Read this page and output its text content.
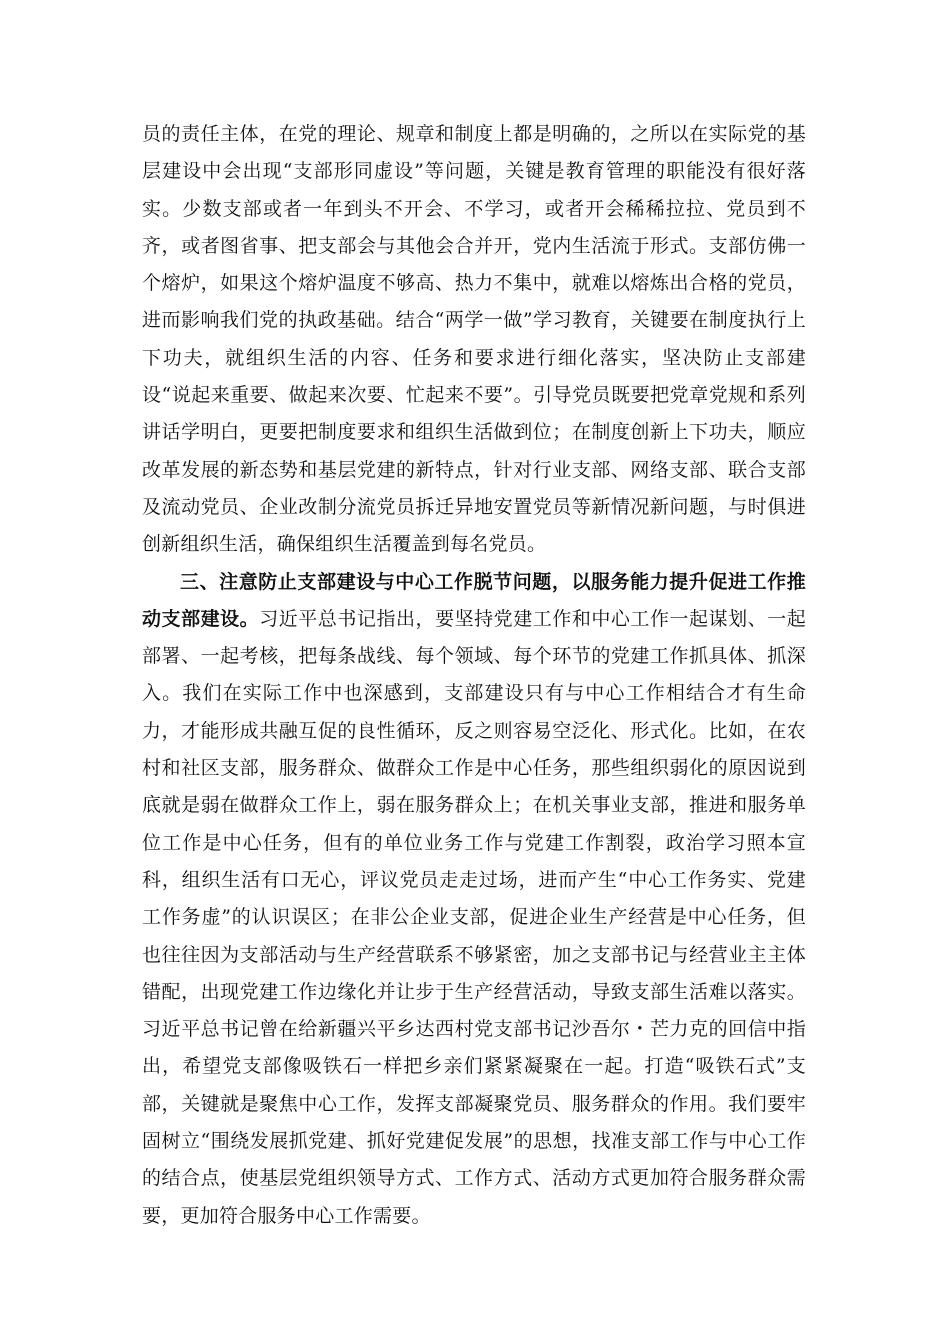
员的责任主体，在党的理论、规章和制度上都是明确的，之所以在实际党的基层建设中会出现“支部形同虚设”等问题，关键是教育管理的职能没有很好落实。少数支部或者一年到头不开会、不学习，或者开会稀稀拉拉、党员到不齐，或者图省事、把支部会与其他会合并开，党内生活流于形式。支部仿佛一个熔炉，如果这个熔炉温度不够高、热力不集中，就难以熔炼出合格的党员，进而影响我们党的执政基础。结合“两学一做”学习教育，关键要在制度执行上下功夫，就组织生活的内容、任务和要求进行细化落实，坚决防止支部建设“说起来重要、做起来次要、忙起来不要”。引导党员既要把党章党规和系列讲话学明白，更要把制度要求和组织生活做到位；在制度创新上下功夫，顺应改革发展的新态势和基层党建的新特点，针对行业支部、网络支部、联合支部及流动党员、企业改制分流党员拆迁异地安置党员等新情况新问题，与时俱进创新组织生活，确保组织生活覆盖到每名党员。

三、注意防止支部建设与中心工作脱节问题，以服务能力提升促进工作推动支部建设。习近平总书记指出，要坚持党建工作和中心工作一起谋划、一起部署、一起考核，把每条战线、每个领域、每个环节的党建工作抓具体、抓深入。我们在实际工作中也深感到，支部建设只有与中心工作相结合才有生命力，才能形成共融互促的良性循环，反之则容易空泛化、形式化。比如，在农村和社区支部，服务群众、做群众工作是中心任务，那些组织弱化的原因说到底就是弱在做群众工作上，弱在服务群众上；在机关事业支部，推进和服务单位工作是中心任务，但有的单位业务工作与党建工作割裂，政治学习照本宣科，组织生活有口无心，评议党员走走过场，进而产生“中心工作务实、党建工作务虚”的认识误区；在非公企业支部，促进企业生产经营是中心任务，但也往往因为支部活动与生产经营联系不够紧密，加之支部书记与经营业主主体错配，出现党建工作边缘化并让步于生产经营活动，导致支部生活难以落实。习近平总书记曾在给新疆兴平乡达西村党支部书记沙吾尔・芒力克的回信中指出，希望党支部像吸铁石一样把乡亲们紧紧凝聚在一起。打造“吸铁石式”支部，关键就是聚焦中心工作，发挥支部凝聚党员、服务群众的作用。我们要牢固树立“围绕发展抓党建、抓好党建促发展”的思想，找准支部工作与中心工作的结合点，使基层党组织领导方式、工作方式、活动方式更加符合服务群众需要，更加符合服务中心工作需要。
